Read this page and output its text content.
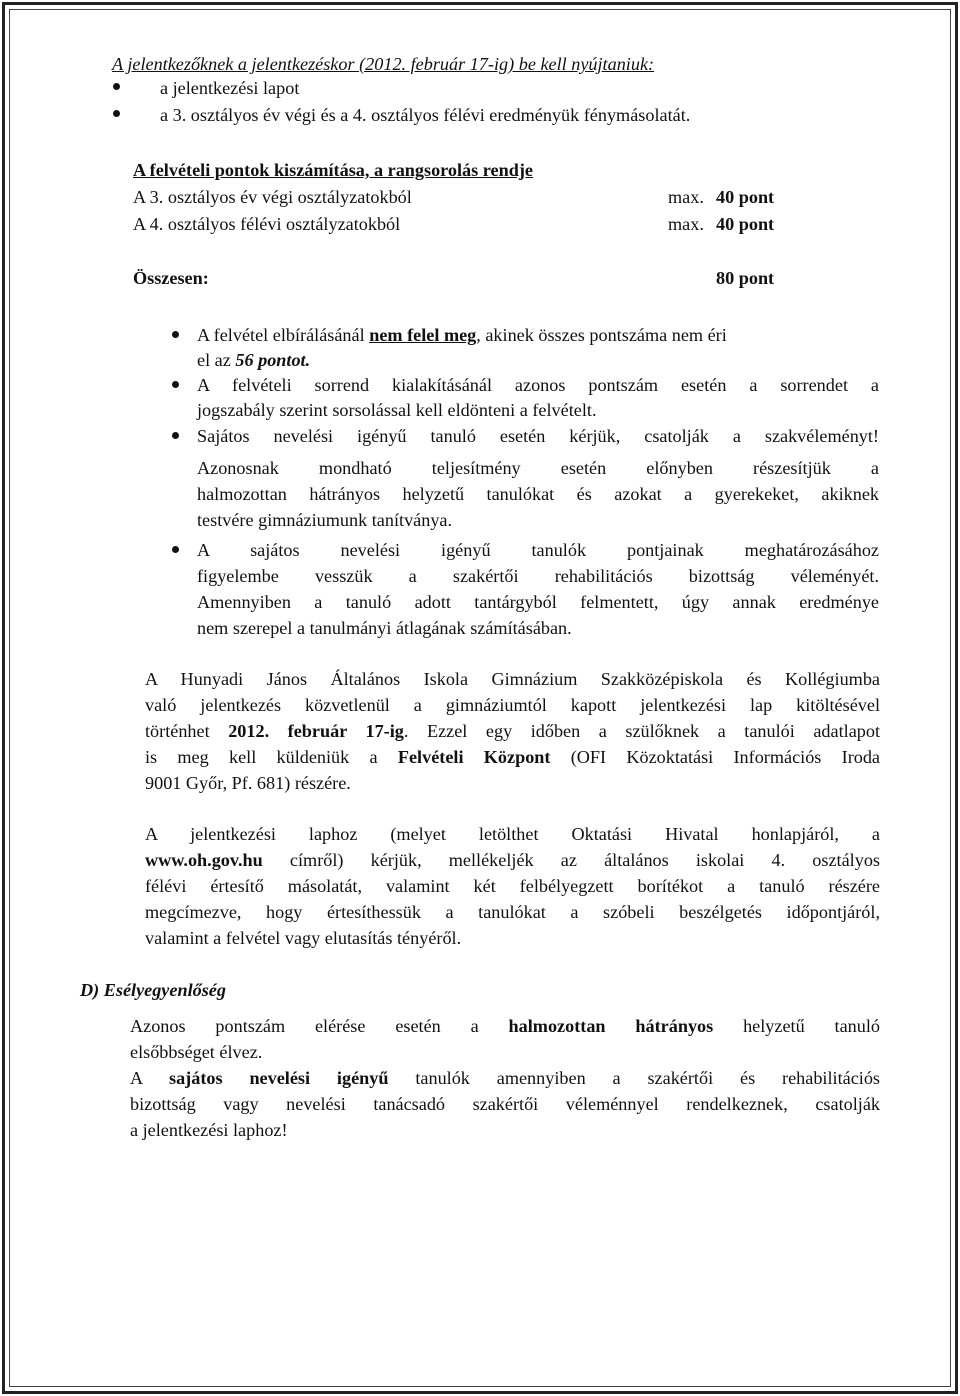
A jelentkezőknek a jelentkezéskor (2012. február 17-ig) be kell nyújtaniuk:
a jelentkezési lapot
a 3. osztályos év végi és a 4. osztályos félévi eredményük fénymásolatát.
A felvételi pontok kiszámítása, a rangsorolás rendje
A 3. osztályos év végi osztályzatokból	max. 40 pont
A 4. osztályos félévi osztályzatokból	max. 40 pont
Összesen:	80 pont
A felvétel elbírálásánál nem felel meg, akinek összes pontszáma nem éri
el az 56 pontot.
A felvételi sorrend kialakításánál azonos pontszám esetén a sorrendet a
jogszabály szerint sorsolással kell eldönteni a felvételt.
Sajátos nevelési igényű tanuló esetén kérjük, csatolják a szakvéleményt!
Azonosnak mondható teljesítmény esetén előnyben részesítjük a
halmozottan hátrányos helyzetű tanulókat és azokat a gyerekeket, akiknek
testvére gimnáziumunk tanítványa.
A sajátos nevelési igényű tanulók pontjainak meghatározásához
figyelembe vesszük a szakértői rehabilitációs bizottság véleményét.
Amennyiben a tanuló adott tantárgyból felmentett, úgy annak eredménye
nem szerepel a tanulmányi átlagának számításában.
A Hunyadi János Általános Iskola Gimnázium Szakközépiskola és Kollégiumba
való jelentkezés közvetlenül a gimnáziumtól kapott jelentkezési lap kitöltésével
történhet 2012. február 17-ig. Ezzel egy időben a szülőknek a tanulói adatlapot
is meg kell küldeniük a Felvételi Központ (OFI Közoktatási Információs Iroda
9001 Győr, Pf. 681) részére.
A jelentkezési laphoz (melyet letölthet Oktatási Hivatal honlapjáról, a
www.oh.gov.hu címről) kérjük, mellékeljék az általános iskolai 4. osztályos
félévi értesítő másolatát, valamint két felbélyegzett borítékot a tanuló részére
megcímezve, hogy értesíthessük a tanulókat a szóbeli beszélgetés időpontjáról,
valamint a felvétel vagy elutasítás tényéről.
D) Esélyegyenlőség
Azonos pontszám elérése esetén a halmozottan hátrányos helyzetű tanuló
elsőbbséget élvez.
A sajátos nevelési igényű tanulók amennyiben a szakértői és rehabilitációs
bizottság vagy nevelési tanácsadó szakértői véleménnyel rendelkeznek, csatolják
a jelentkezési laphoz!
